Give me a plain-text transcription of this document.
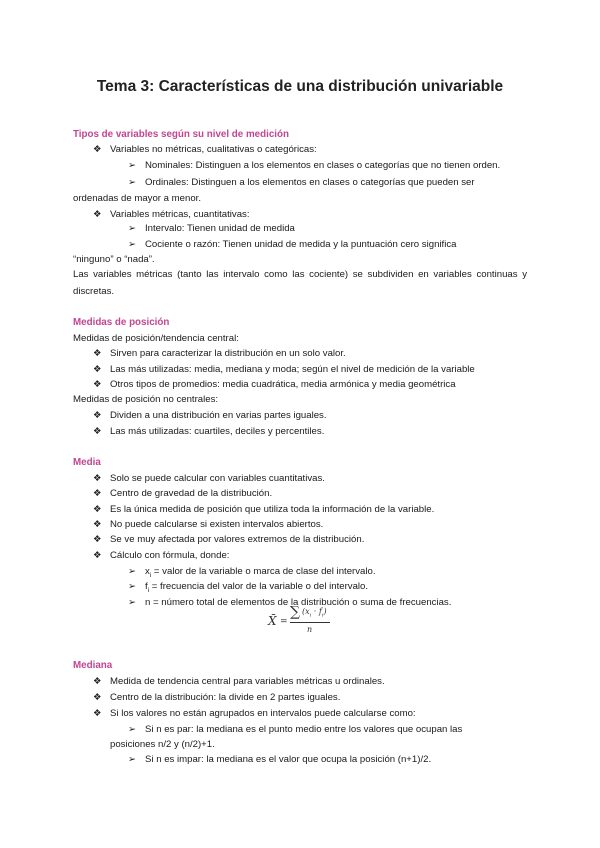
Tema 3: Características de una distribución univariable
Tipos de variables según su nivel de medición
❖ Variables no métricas, cualitativas o categóricas:
➢ Nominales: Distinguen a los elementos en clases o categorías que no tienen orden.
➢ Ordinales: Distinguen a los elementos en clases o categorías que pueden ser
ordenadas de mayor a menor.
❖ Variables métricas, cuantitativas:
➢ Intervalo: Tienen unidad de medida
➢ Cociente o razón: Tienen unidad de medida y la puntuación cero significa
“ninguno” o “nada”.
Las variables métricas (tanto las intervalo como las cociente) se subdividen en variables continuas y
discretas.
Medidas de posición
Medidas de posición/tendencia central:
❖ Sirven para caracterizar la distribución en un solo valor.
❖ Las más utilizadas: media, mediana y moda; según el nivel de medición de la variable
❖ Otros tipos de promedios: media cuadrática, media armónica y media geométrica
Medidas de posición no centrales:
❖ Dividen a una distribución en varias partes iguales.
❖ Las más utilizadas: cuartiles, deciles y percentiles.
Media
❖ Solo se puede calcular con variables cuantitativas.
❖ Centro de gravedad de la distribución.
❖ Es la única medida de posición que utiliza toda la información de la variable.
❖ No puede calcularse si existen intervalos abiertos.
❖ Se ve muy afectada por valores extremos de la distribución.
❖ Cálculo con fórmula, donde:
➢ $x_i$ = valor de la variable o marca de clase del intervalo.
➢ $f_i$ = frecuencia del valor de la variable o del intervalo.
➢ n = número total de elementos de la distribución o suma de frecuencias.
X̄ =
∑ $(x_i \cdot f_i)$
n
Mediana
❖ Medida de tendencia central para variables métricas u ordinales.
❖ Centro de la distribución: la divide en 2 partes iguales.
❖ Si los valores no están agrupados en intervalos puede calcularse como:
➢ Si n es par: la mediana es el punto medio entre los valores que ocupan las
posiciones n/2 y (n/2)+1.
➢ Si n es impar: la mediana es el valor que ocupa la posición (n+1)/2.
